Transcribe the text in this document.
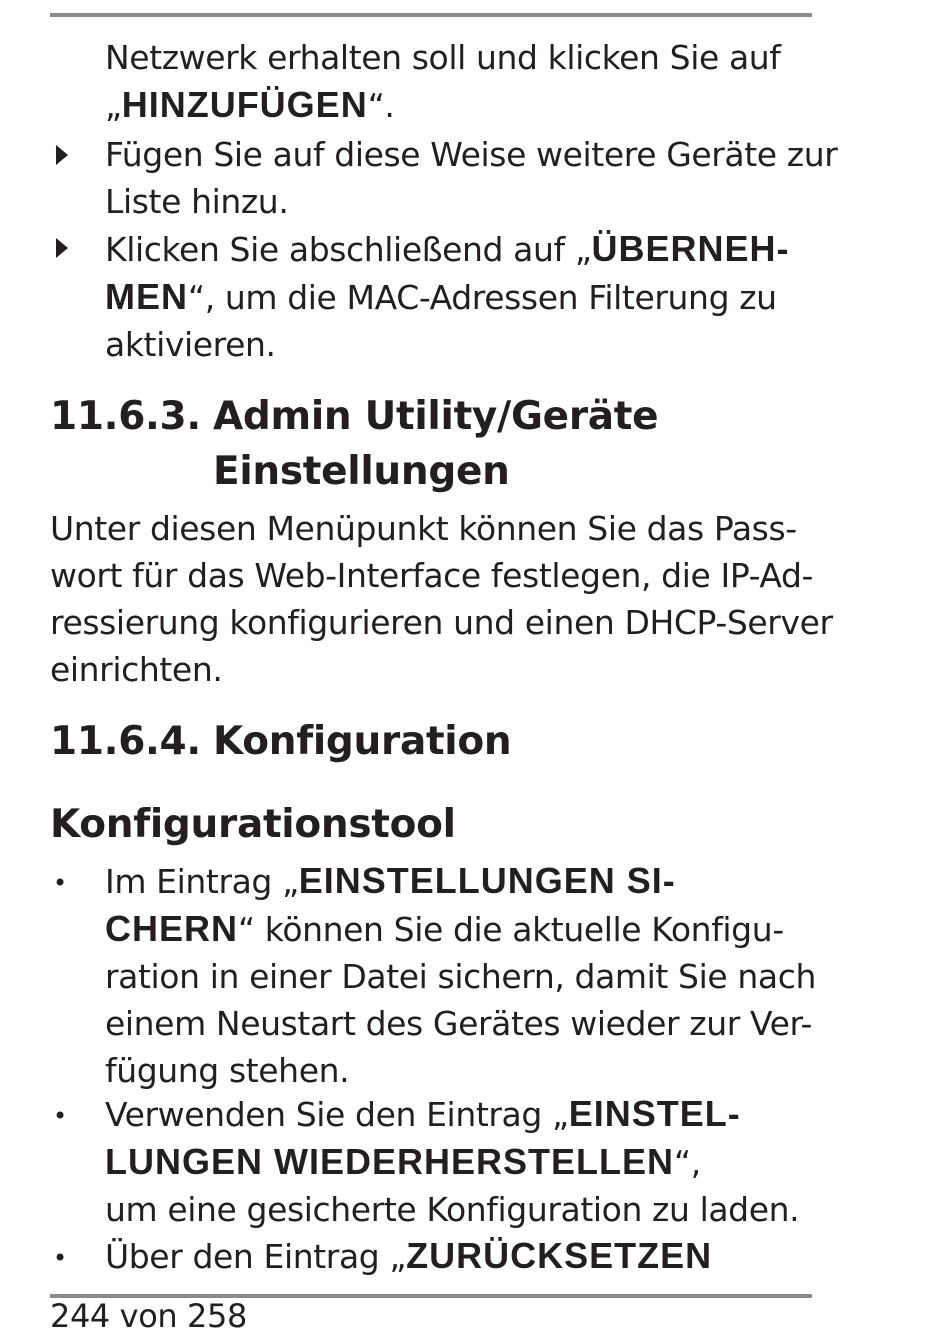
Netzwerk erhalten soll und klicken Sie auf
„HINZUFÜGEN“.
Fügen Sie auf diese Weise weitere Geräte zur
Liste hinzu.
Klicken Sie abschließend auf „ÜBERNEH-
MEN“, um die MAC-Adressen Filterung zu
aktivieren.
11.6.3. Admin Utility/Geräte
Einstellungen
Unter diesen Menüpunkt können Sie das Pass-
wort für das Web-Interface festlegen, die IP-Ad-
ressierung konfigurieren und einen DHCP-Server
einrichten.
11.6.4. Konfiguration
Konfigurationstool
• Im Eintrag „EINSTELLUNGEN SI-
CHERN“ können Sie die aktuelle Konfigu-
ration in einer Datei sichern, damit Sie nach
einem Neustart des Gerätes wieder zur Ver-
fügung stehen.
• Verwenden Sie den Eintrag „EINSTEL-
LUNGEN WIEDERHERSTELLEN“,
um eine gesicherte Konfiguration zu laden.
• Über den Eintrag „ZURÜCKSETZEN
244 von 258
